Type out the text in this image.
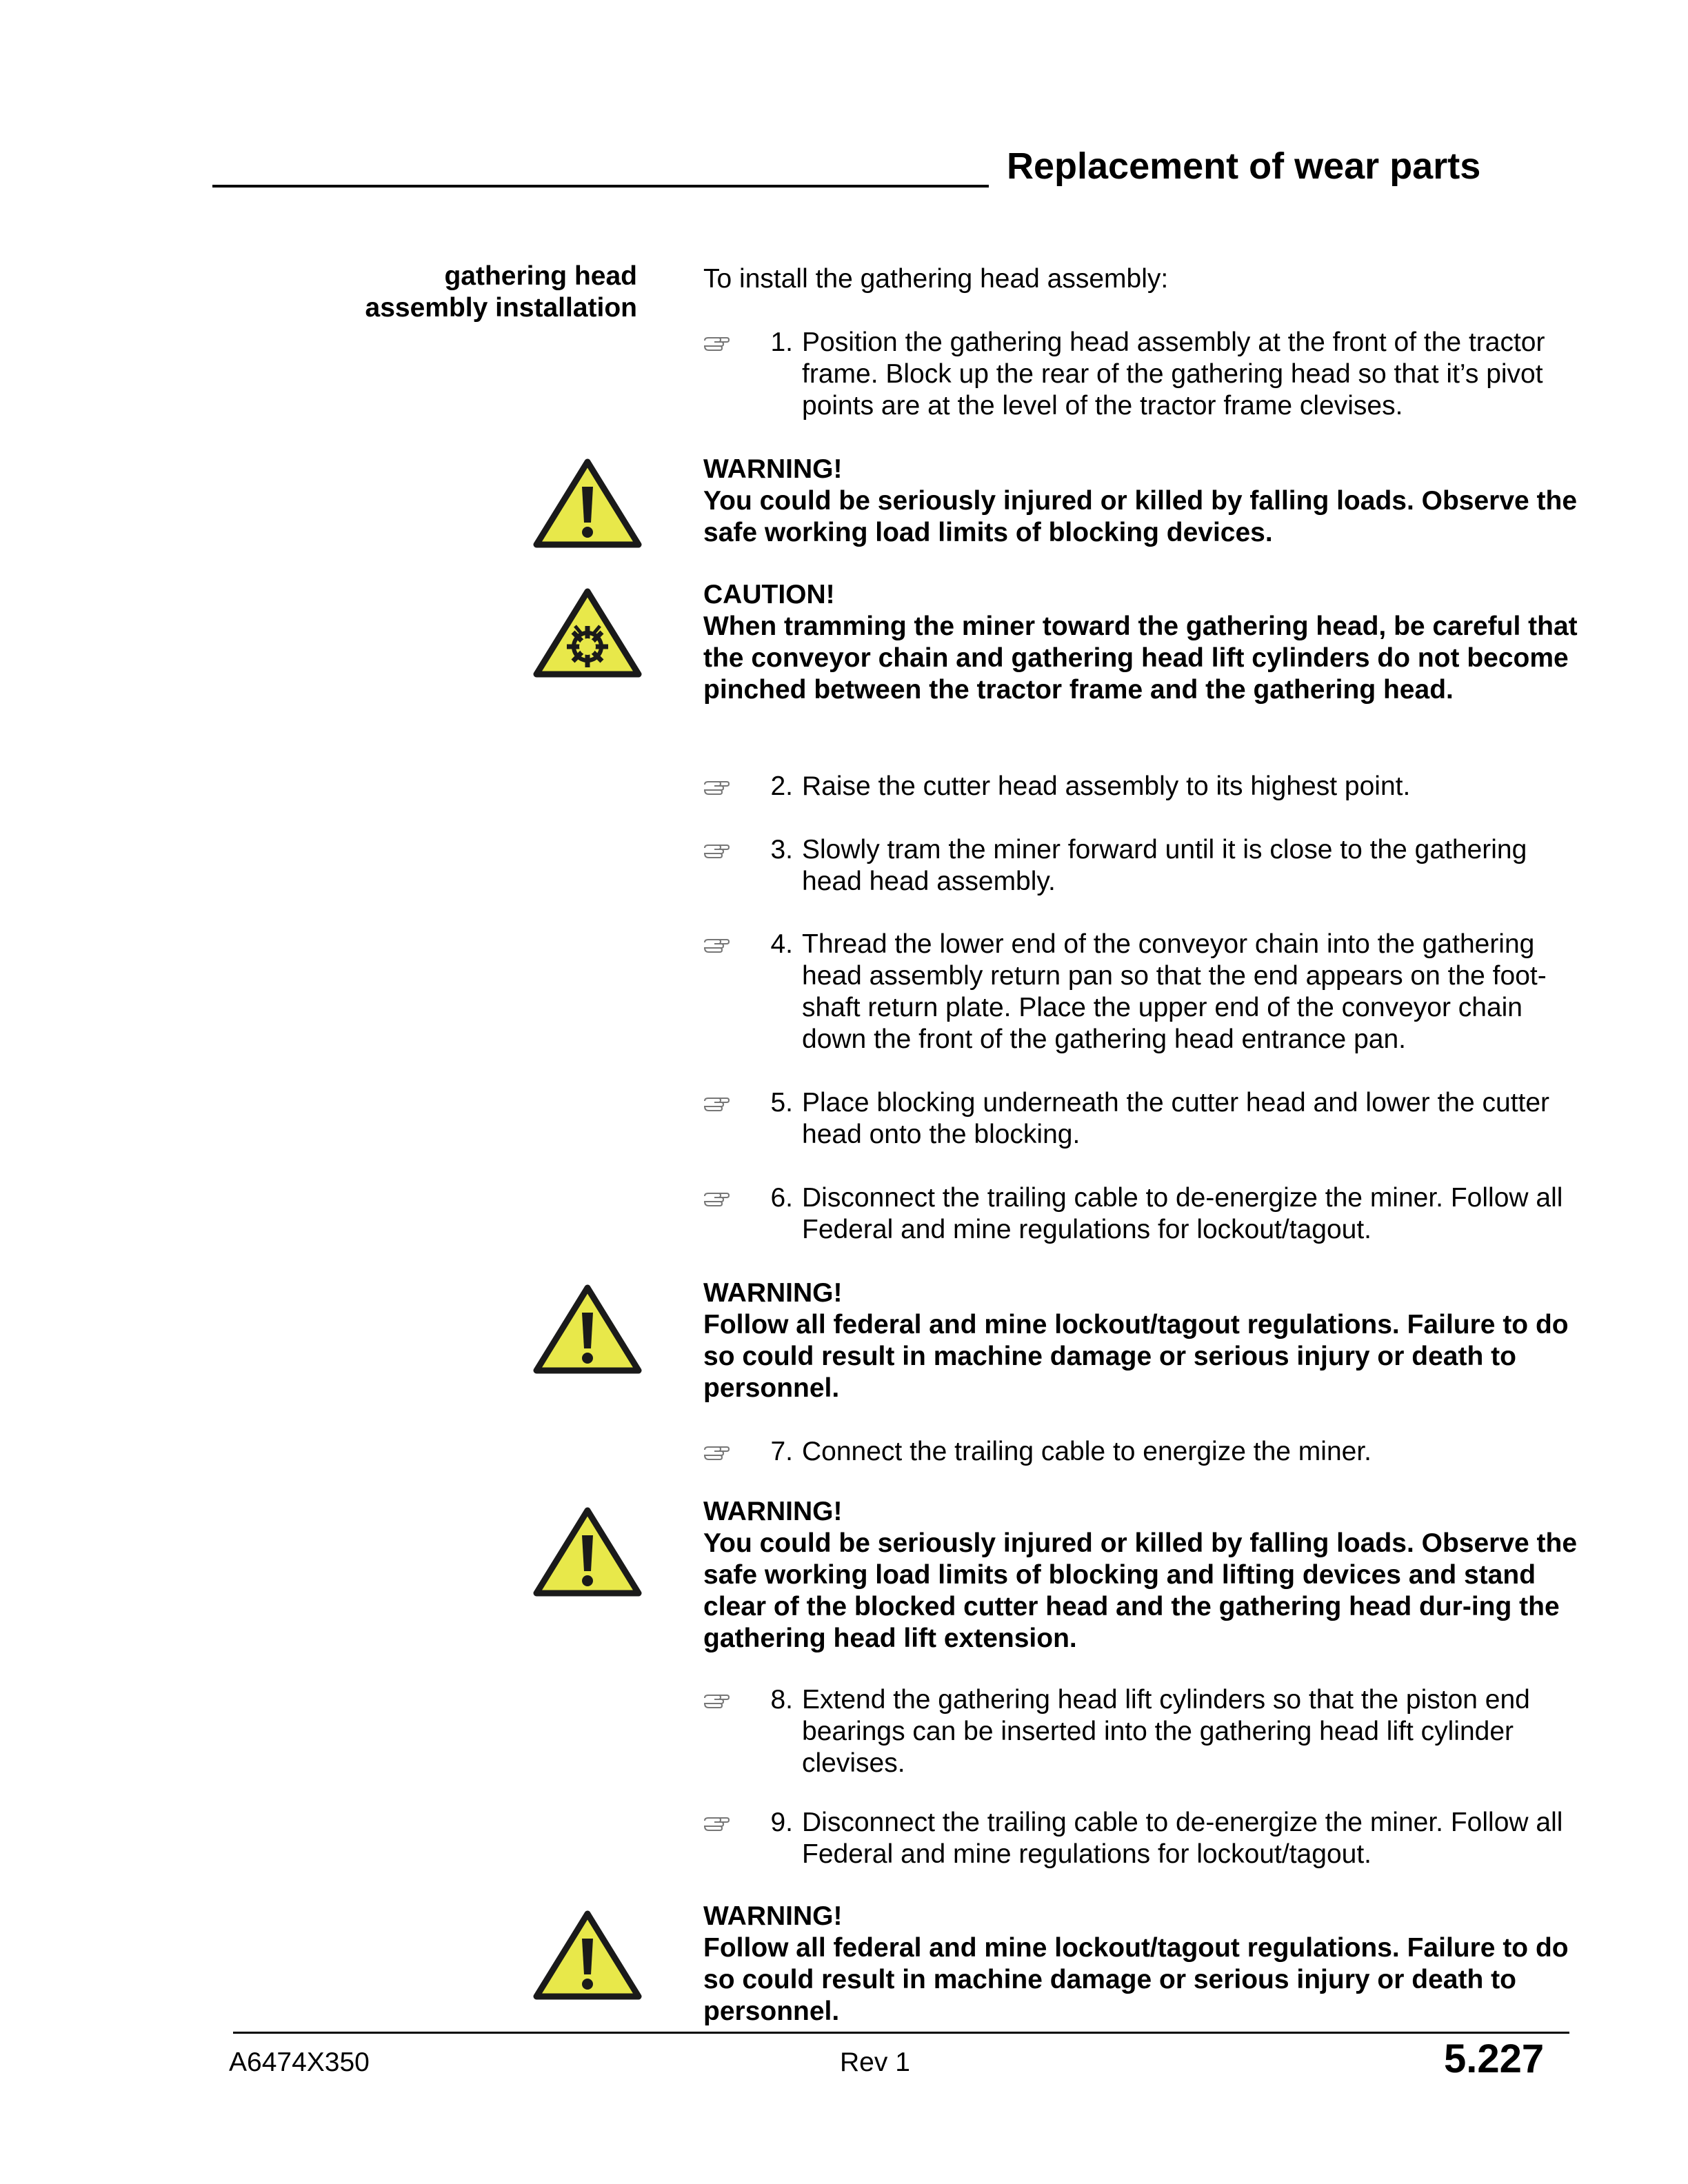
Replacement of wear parts
gathering head
assembly installation
To install the gathering head assembly:
1. Position the gathering head assembly at the front of the tractor frame. Block up the rear of the gathering head so that it’s pivot points are at the level of the tractor frame clevises.
WARNING!
You could be seriously injured or killed by falling loads. Observe the safe working load limits of blocking devices.
CAUTION!
When tramming the miner toward the gathering head, be careful that the conveyor chain and gathering head lift cylinders do not become pinched between the tractor frame and the gathering head.
2. Raise the cutter head assembly to its highest point.
3. Slowly tram the miner forward until it is close to the gathering head head assembly.
4. Thread the lower end of the conveyor chain into the gathering head assembly return pan so that the end appears on the foot-shaft return plate. Place the upper end of the conveyor chain down the front of the gathering head entrance pan.
5. Place blocking underneath the cutter head and lower the cutter head onto the blocking.
6. Disconnect the trailing cable to de-energize the miner. Follow all Federal and mine regulations for lockout/tagout.
WARNING!
Follow all federal and mine lockout/tagout regulations. Failure to do so could result in machine damage or serious injury or death to personnel.
7. Connect the trailing cable to energize the miner.
WARNING!
You could be seriously injured or killed by falling loads. Observe the safe working load limits of blocking and lifting devices and stand clear of the blocked cutter head and the gathering head dur-ing the gathering head lift extension.
8. Extend the gathering head lift cylinders so that the piston end bearings can be inserted into the gathering head lift cylinder clevises.
9. Disconnect the trailing cable to de-energize the miner. Follow all Federal and mine regulations for lockout/tagout.
WARNING!
Follow all federal and mine lockout/tagout regulations. Failure to do so could result in machine damage or serious injury or death to personnel.
A6474X350	Rev 1	5.227
